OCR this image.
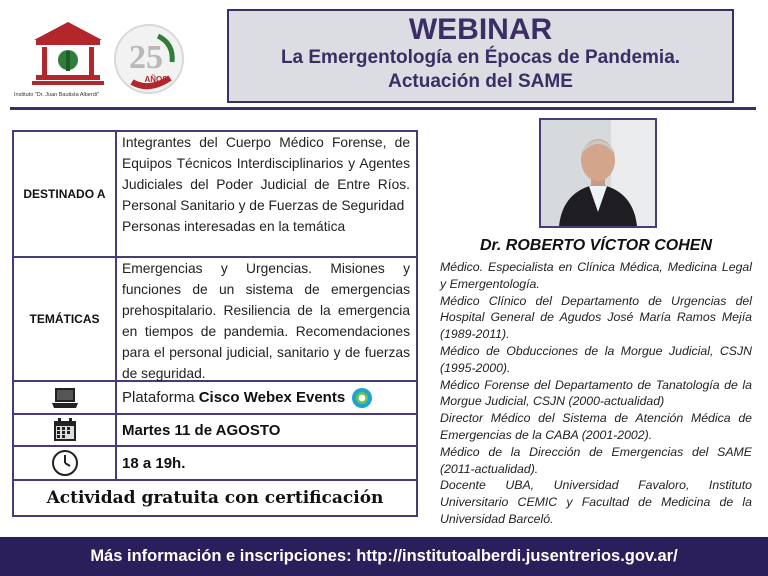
Instituto "Dr. Juan Bautista Alberdi"
25
AÑOS
WEBINAR
La Emergentología en Épocas de Pandemia.
Actuación del SAME
DESTINADO A
Integrantes del Cuerpo Médico Forense, de Equipos Técnicos Interdisciplinarios y Agentes Judiciales del Poder Judicial de Entre Ríos. Personal Sanitario y de Fuerzas de Seguridad
Personas interesadas en la temática
TEMÁTICAS
Emergencias y Urgencias. Misiones y funciones de un sistema de emergencias prehospitalario. Resiliencia de la emergencia en tiempos de pandemia. Recomendaciones para el personal judicial, sanitario y de fuerzas de seguridad.
Plataforma
Cisco Webex Events
Martes 11 de AGOSTO
18 a 19h.
Actividad gratuita con certificación
Dr. ROBERTO VÍCTOR COHEN
Médico. Especialista en Clínica Médica, Medicina Legal y Emergentología.
Médico Clínico del Departamento de Urgencias del Hospital General de Agudos José María Ramos Mejía (1989-2011).
Médico de Obducciones de la Morgue Judicial, CSJN (1995-2000).
Médico Forense del Departamento de Tanatología de la Morgue Judicial, CSJN (2000-actualidad)
Director Médico del Sistema de Atención Médica de Emergencias de la CABA (2001-2002).
Médico de la Dirección de Emergencias del SAME (2011-actualidad).
Docente UBA, Universidad Favaloro, Instituto Universitario CEMIC y Facultad de Medicina de la Universidad Barceló.
Más información e inscripciones: http://institutoalberdi.jusentrerios.gov.ar/
